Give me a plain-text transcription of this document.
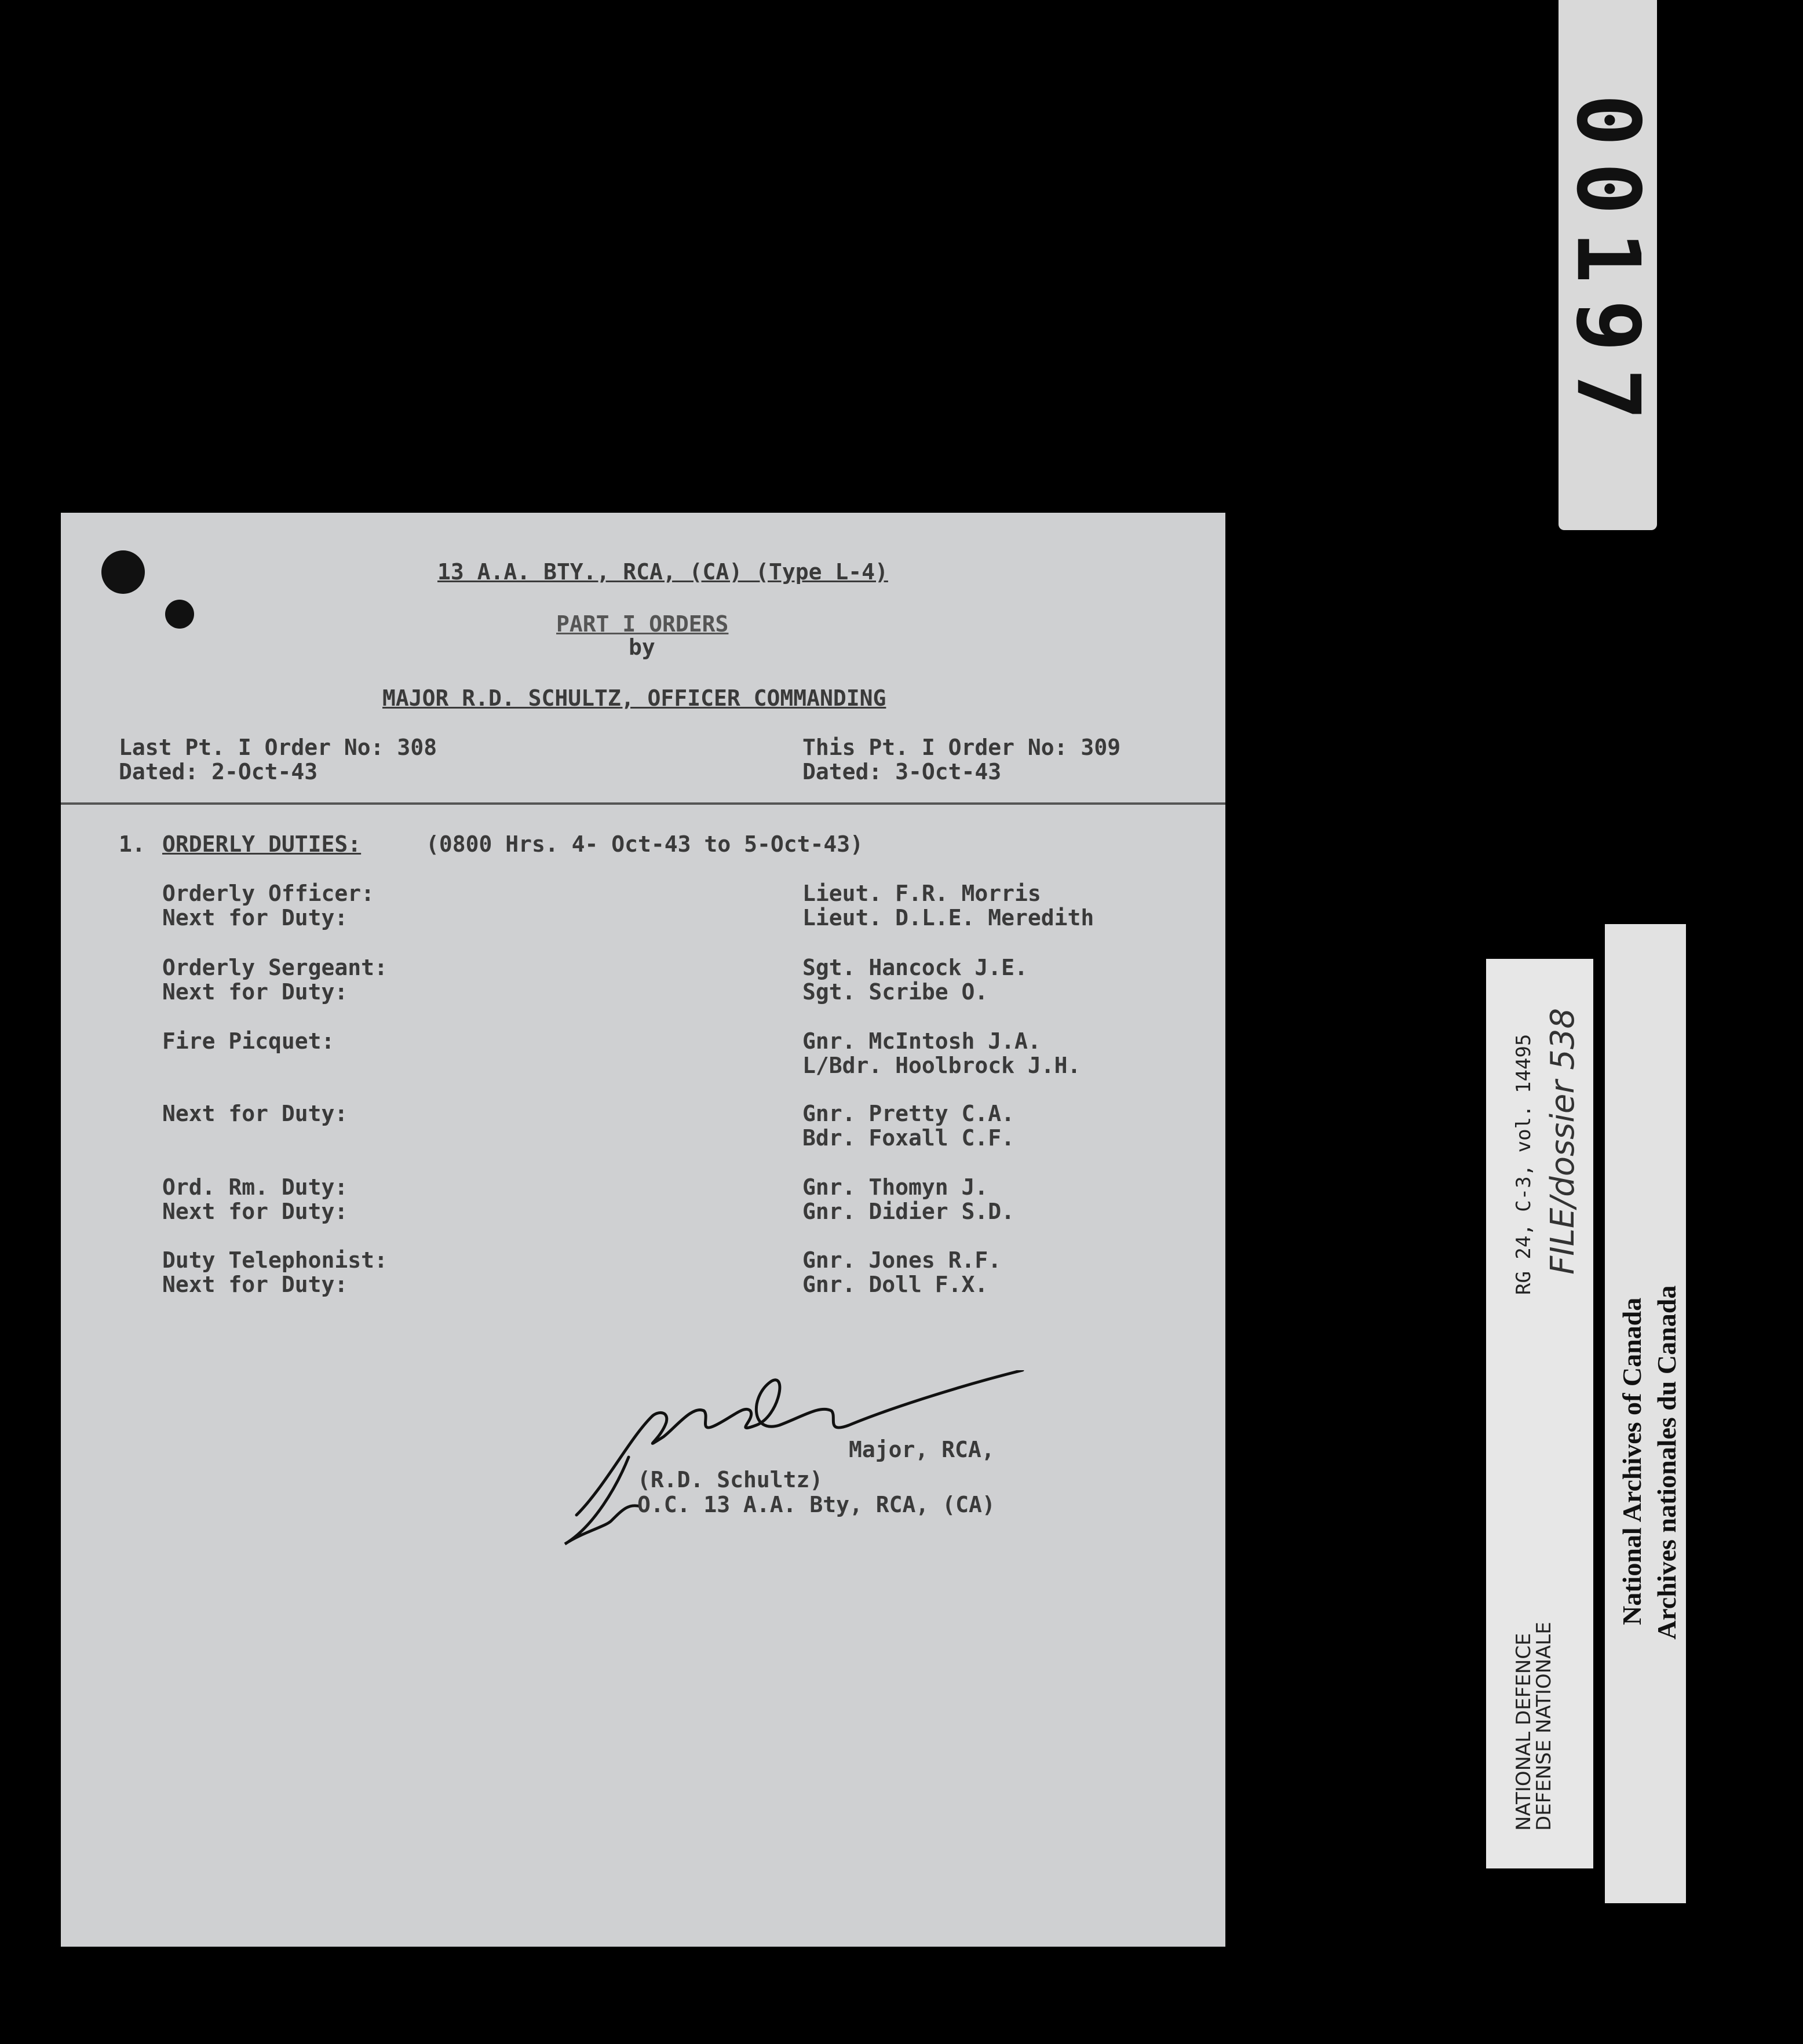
00197
13 A.A. BTY., RCA, (CA) (Type L-4)
PART I ORDERS
by
MAJOR R.D. SCHULTZ, OFFICER COMMANDING
Last Pt. I Order No: 308
Dated: 2-Oct-43
This Pt. I Order No: 309
Dated: 3-Oct-43
1. ORDERLY DUTIES:	(0800 Hrs. 4- Oct-43 to 5-Oct-43)
Orderly Officer:	Lieut. F.R. Morris
Next for Duty:	Lieut. D.L.E. Meredith
Orderly Sergeant:	Sgt. Hancock J.E.
Next for Duty:	Sgt. Scribe O.
Fire Picquet:	Gnr. McIntosh J.A.
L/Bdr. Hoolbrock J.H.
Next for Duty:	Gnr. Pretty C.A.
Bdr. Foxall C.F.
Ord. Rm. Duty:	Gnr. Thomyn J.
Next for Duty:	Gnr. Didier S.D.
Duty Telephonist:	Gnr. Jones R.F.
Next for Duty:	Gnr. Doll F.X.
Major, RCA,
(R.D. Schultz)
O.C. 13 A.A. Bty, RCA, (CA)
RG 24, C-3, vol. 14495 FILE/dossier 538
NATIONAL DEFENCE
DEFENSE NATIONALE
National Archives of Canada Archives nationales du Canada
